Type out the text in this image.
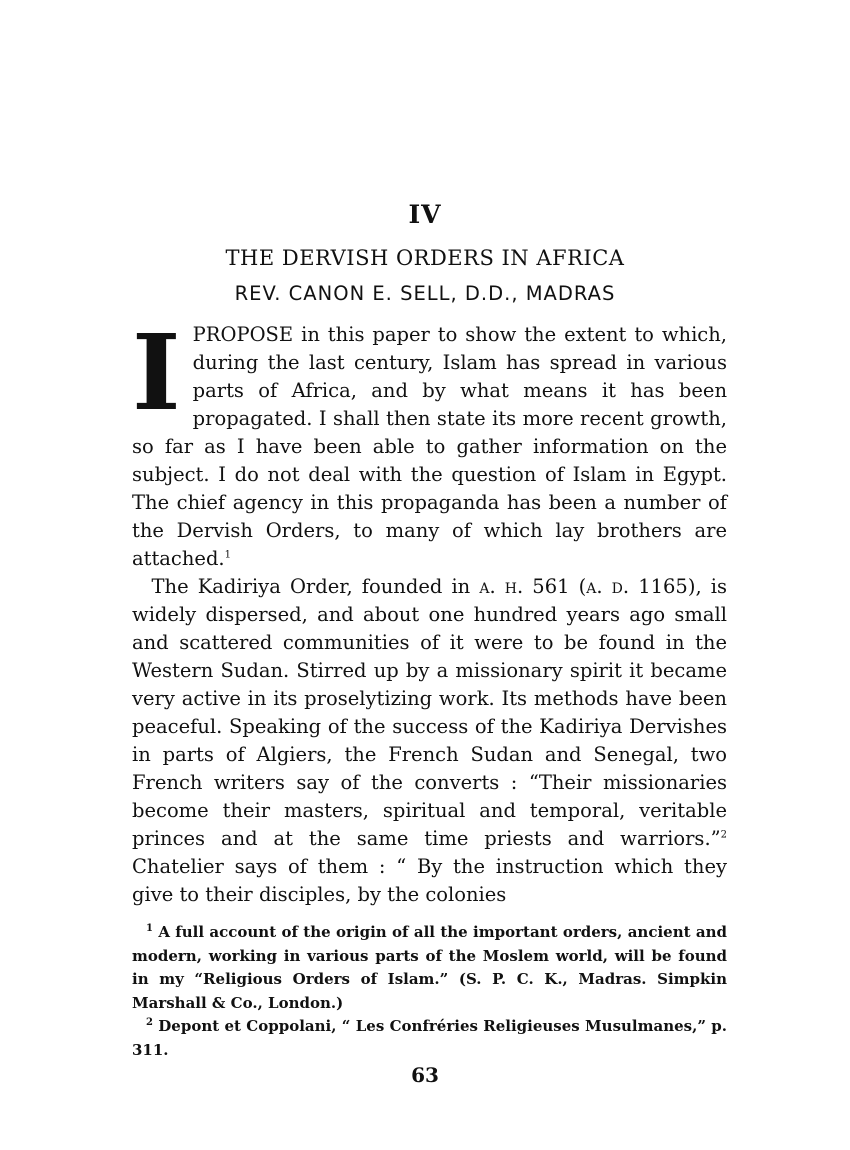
IV
THE DERVISH ORDERS IN AFRICA
REV. CANON E. SELL, D.D., MADRAS

IPROPOSE in this paper to show the extent to which, during the last century, Islam has spread in various parts of Africa, and by what means it has been propagated. I shall then state its more recent growth, so far as I have been able to gather information on the subject. I do not deal with the question of Islam in Egypt. The chief agency in this propaganda has been a number of the Dervish Orders, to many of which lay brothers are attached.$^1$

 The Kadiriya Order, founded in a. h. 561 (a. d. 1165), is widely dispersed, and about one hundred years ago small and scattered communities of it were to be found in the Western Sudan. Stirred up by a missionary spirit it became very active in its proselytizing work. Its methods have been peaceful. Speaking of the success of the Kadiriya Dervishes in parts of Algiers, the French Sudan and Senegal, two French writers say of the converts : “Their missionaries become their masters, spiritual and temporal, veritable princes and at the same time priests and warriors.”$^2$ Chatelier says of them : “ By the instruction which they give to their disciples, by the colonies

$^1$ A full account of the origin of all the important orders, ancient and modern, working in various parts of the Moslem world, will be found in my “Religious Orders of Islam.” (S. P. C. K., Madras. Simpkin Marshall & Co., London.)

$^2$ Depont et Coppolani, “ Les Confréries Religieuses Musulmanes,” p. 311.

63
